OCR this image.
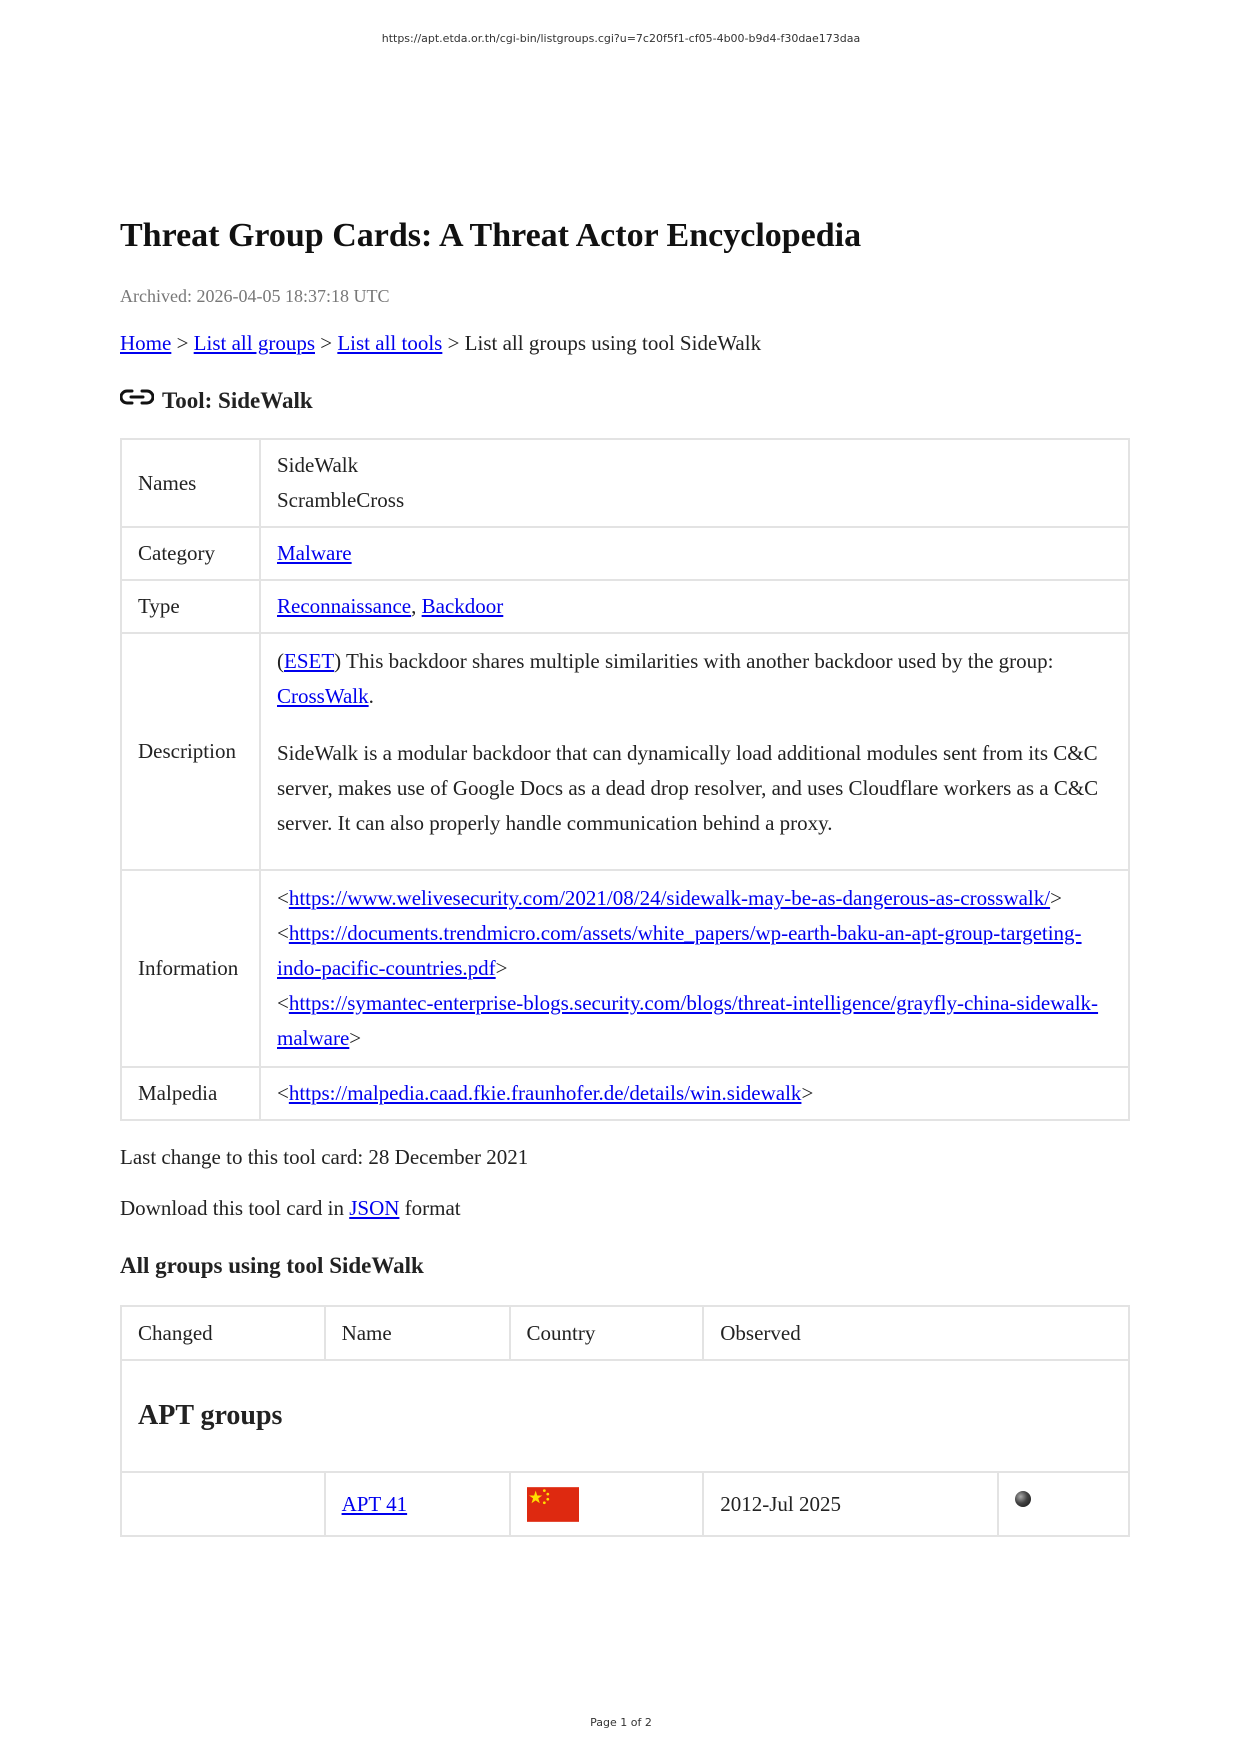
https://apt.etda.or.th/cgi-bin/listgroups.cgi?u=7c20f5f1-cf05-4b00-b9d4-f30dae173daa
Threat Group Cards: A Threat Actor Encyclopedia
Archived: 2026-04-05 18:37:18 UTC
Home > List all groups > List all tools > List all groups using tool SideWalk
Tool: SideWalk
Names	SideWalk
ScrambleCross

Category	Malware
Type	Reconnaissance, Backdoor
Description	(ESET) This backdoor shares multiple similarities with another backdoor used by the group: CrossWalk.

SideWalk is a modular backdoor that can dynamically load additional modules sent from its C&C server, makes use of Google Docs as a dead drop resolver, and uses Cloudflare workers as a C&C server. It can also properly handle communication behind a proxy.

Information	<https://www.welivesecurity.com/2021/08/24/sidewalk-may-be-as-dangerous-as-crosswalk/>
<https://documents.trendmicro.com/assets/white_papers/wp-earth-baku-an-apt-group-targeting-indo-pacific-countries.pdf>
<https://symantec-enterprise-blogs.security.com/blogs/threat-intelligence/grayfly-china-sidewalk-malware>

Malpedia	<https://malpedia.caad.fkie.fraunhofer.de/details/win.sidewalk>
Last change to this tool card: 28 December 2021
Download this tool card in JSON format
All groups using tool SideWalk
Changed	Name	Country	Observed	
APT groups				
	APT 41		2012-Jul 2025	
Page 1 of 2
